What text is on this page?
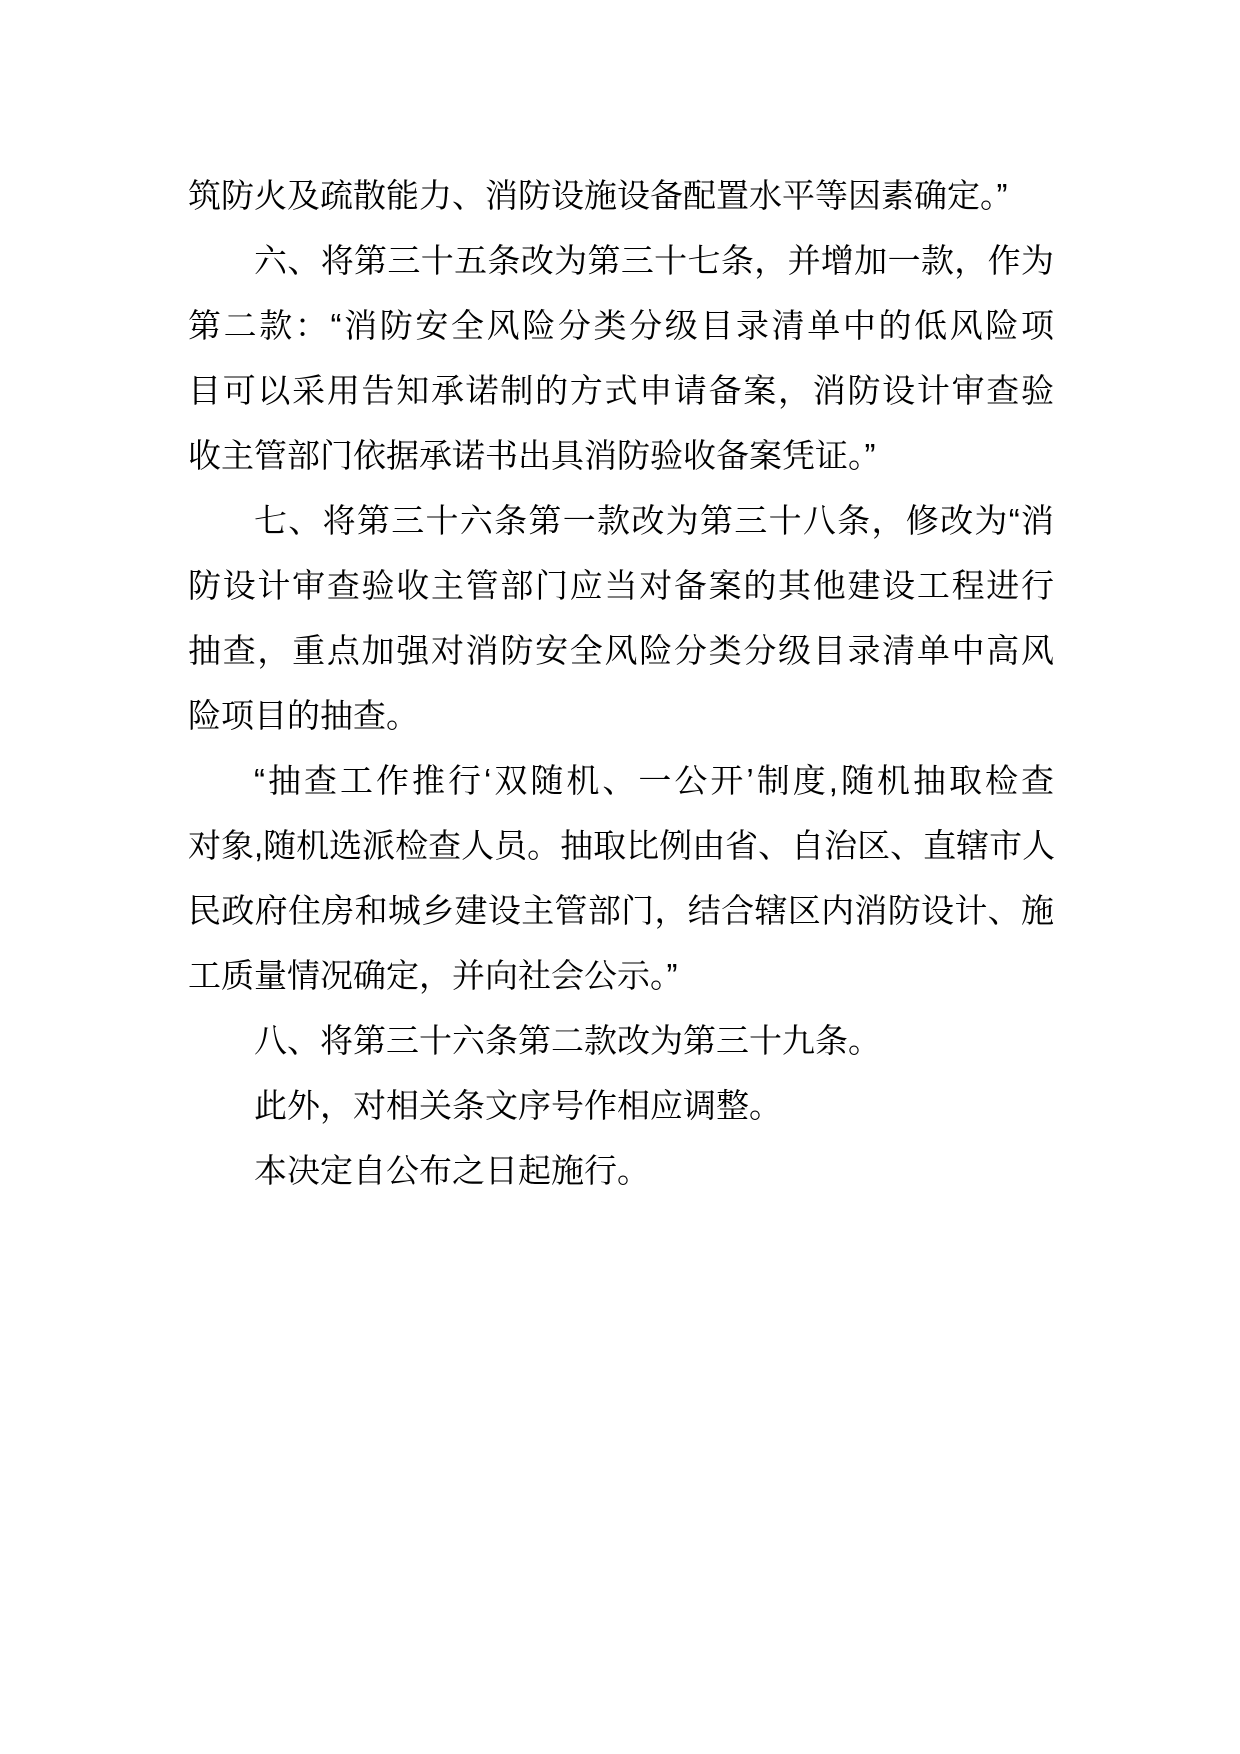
筑防火及疏散能力、消防设施设备配置水平等因素确定。”
六、将第三十五条改为第三十七条，并增加一款，作为
第二款：“消防安全风险分类分级目录清单中的低风险项
目可以采用告知承诺制的方式申请备案，消防设计审查验
收主管部门依据承诺书出具消防验收备案凭证。”
七、将第三十六条第一款改为第三十八条，修改为“消
防设计审查验收主管部门应当对备案的其他建设工程进行
抽查，重点加强对消防安全风险分类分级目录清单中高风
险项目的抽查。
“抽查工作推行‘双随机、一公开’制度,随机抽取检查
对象,随机选派检查人员。抽取比例由省、自治区、直辖市人
民政府住房和城乡建设主管部门，结合辖区内消防设计、施
工质量情况确定，并向社会公示。”
八、将第三十六条第二款改为第三十九条。
此外，对相关条文序号作相应调整。
本决定自公布之日起施行。
